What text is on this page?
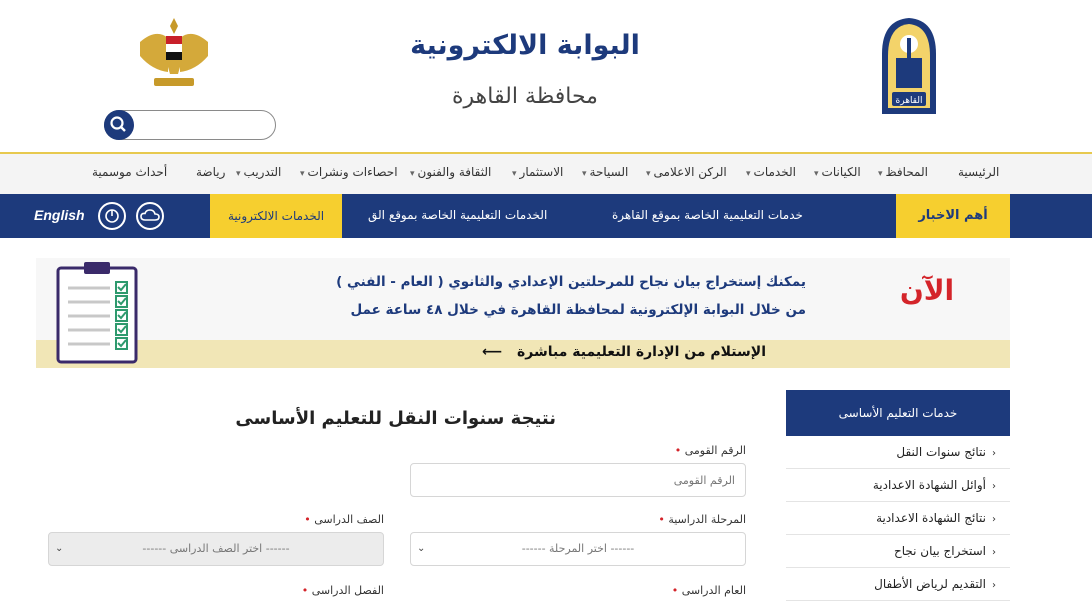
القاهرة
البوابة الالكترونية
محافظة القاهرة
الرئيسية
المحافظ▾
الكيانات▾
الخدمات▾
الركن الاعلامى▾
السياحة▾
الاستثمار▾
الثقافة والفنون▾
احصاءات ونشرات▾
التدريب▾
رياضة
أحداث موسمية
أهم الاخبار
خدمات التعليمية الخاصة بموقع القاهرة
الخدمات التعليمية الخاصة بموقع الق
الخدمات الالكترونية
English
الآن
يمكنك إستخراج بيان نجاح للمرحلتين الإعدادي والثانوي ( العام - الفني )
من خلال البوابة الإلكترونية لمحافظة القاهرة في خلال ٤٨ ساعة عمل
الإستلام من الإدارة التعليمية مباشرة ⟵
خدمات التعليم الأساسى
‹نتائج سنوات النقل
‹أوائل الشهادة الاعدادية
‹نتائج الشهادة الاعدادية
‹استخراج بيان نجاح
‹التقديم لرياض الأطفال
نتيجة سنوات النقل للتعليم الأساسى
الرقم القومى •
الرقم القومى
المرحلة الدراسية •
------ اختر المرحلة ------
⌄
الصف الدراسى •
------ اختر الصف الدراسى ------
⌄
العام الدراسى •
الفصل الدراسى •
